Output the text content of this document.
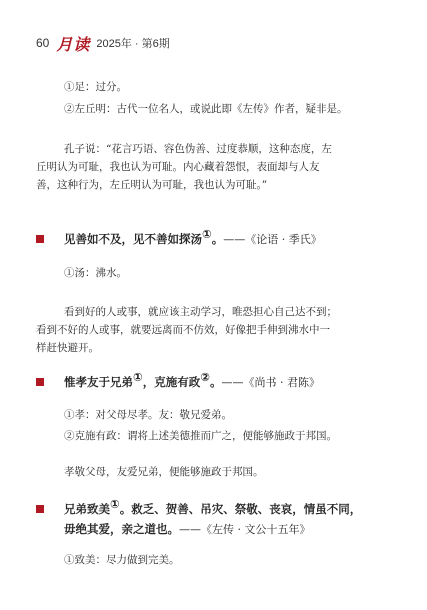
60 月读 2025年 · 第6期
①足：过分。
②左丘明：古代一位名人，或说此即《左传》作者，疑非是。
孔子说：“花言巧语、容色伪善、过度恭顺，这种态度，左
丘明认为可耻，我也认为可耻。内心藏着怨恨，表面却与人友
善，这种行为，左丘明认为可耻，我也认为可耻。”
见善如不及，见不善如探汤①。——《论语 · 季氏》
①汤：沸水。
看到好的人或事，就应该主动学习，唯恐担心自己达不到；
看到不好的人或事，就要远离而不仿效，好像把手伸到沸水中一
样赶快避开。
惟孝友于兄弟①，克施有政②。——《尚书 · 君陈》
①孝：对父母尽孝。友：敬兄爱弟。
②克施有政：谓将上述美德推而广之，便能够施政于邦国。
孝敬父母，友爱兄弟，便能够施政于邦国。
兄弟致美①。救乏、贺善、吊灾、祭敬、丧哀，情虽不同，
毋绝其爱，亲之道也。——《左传 · 文公十五年》
①致美：尽力做到完美。
